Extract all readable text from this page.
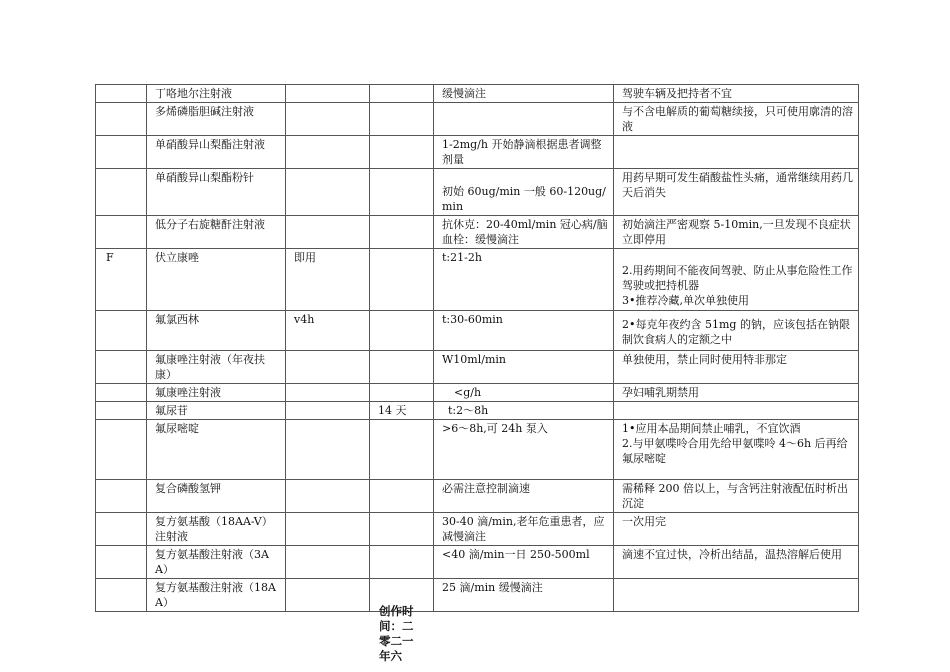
	丁咯地尔注射液			缓慢滴注	驾驶车辆及把持者不宜

	多烯磷脂胆碱注射液				与不含电解质的葡萄糖续接，只可使用廓清的溶液

	单硝酸异山梨酯注射液			1-2mg/h 开始静滴根据患者调整剂量	

	单硝酸异山梨酯粉针			初始 60ug/min 一般 60-120ug/min	用药早期可发生硝酸盐性头痛，通常继续用药几天后消失

	低分子右旋糖酐注射液			抗休克：20-40ml/min 冠心病/脑血栓：缓慢滴注	初始滴注严密观察 5-10min,一旦发现不良症状立即停用

F	伏立康唑	即用		t:21-2h	2.用药期间不能夜间驾驶、防止从事危险性工作驾驶或把持机器
3•推荐冷藏,单次单独使用

	氟氯西林	v4h		t:30-60min	2•每克年夜约含 51mg 的钠，应该包括在钠限制饮食病人的定额之中

	氟康唑注射液（年夜扶康）			W10ml/min	单独使用，禁止同时使用特非那定

	氟康唑注射液			<g/h	孕妇哺乳期禁用

	氟尿苷		14 天	t:2～8h	

	氟尿嘧啶			>6～8h,可 24h 泵入	1•应用本品期间禁止哺乳，不宜饮酒
2.与甲氨喋呤合用先给甲氨喋呤 4～6h 后再给氟尿嘧啶

	复合磷酸氢钾			必需注意控制滴速	需稀释 200 倍以上，与含钙注射液配伍时析出沉淀

	复方氨基酸（18AA-V）注射液			30-40 滴/min,老年危重患者，应减慢滴注	一次用完

	复方氨基酸注射液（3AA）			<40 滴/min一日 250-500ml	滴速不宜过快，冷析出结晶，温热溶解后使用

	复方氨基酸注射液（18AA）			25 滴/min 缓慢滴注	
创作时间：二零二一年六
